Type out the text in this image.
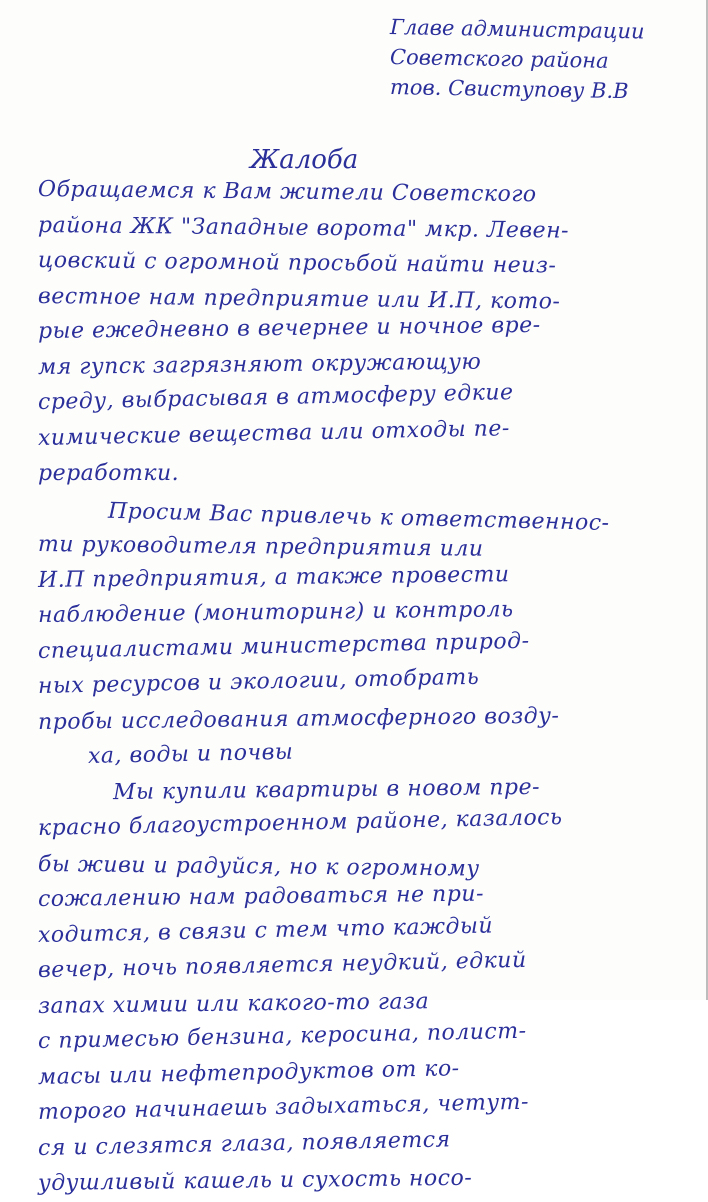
Главе администрации
Советского района
тов. Свиступову В.В
Жалоба
Обращаемся к Вам жители Советского
района ЖК "Западные ворота" мкр. Левен-
цовский с огромной просьбой найти неиз-
вестное нам предприятие или И.П, кото-
рые ежедневно в вечернее и ночное вре-
мя гупск загрязняют окружающую
среду, выбрасывая в атмосферу едкие
химические вещества или отходы пе-
реработки.
Просим Вас привлечь к ответственнос-
ти руководителя предприятия или
И.П предприятия, а также провести
наблюдение (мониторинг) и контроль
специалистами министерства природ-
ных ресурсов и экологии, отобрать
пробы исследования атмосферного возду-
ха, воды и почвы
Мы купили квартиры в новом пре-
красно благоустроенном районе, казалось
бы живи и радуйся, но к огромному
сожалению нам радоваться не при-
ходится, в связи с тем что каждый
вечер, ночь появляется неудкий, едкий
запах химии или какого-то газа
с примесью бензина, керосина, полист-
масы или нефтепродуктов от ко-
торого начинаешь задыхаться, четут-
ся и слезятся глаза, появляется
удушливый кашель и сухость носо-
